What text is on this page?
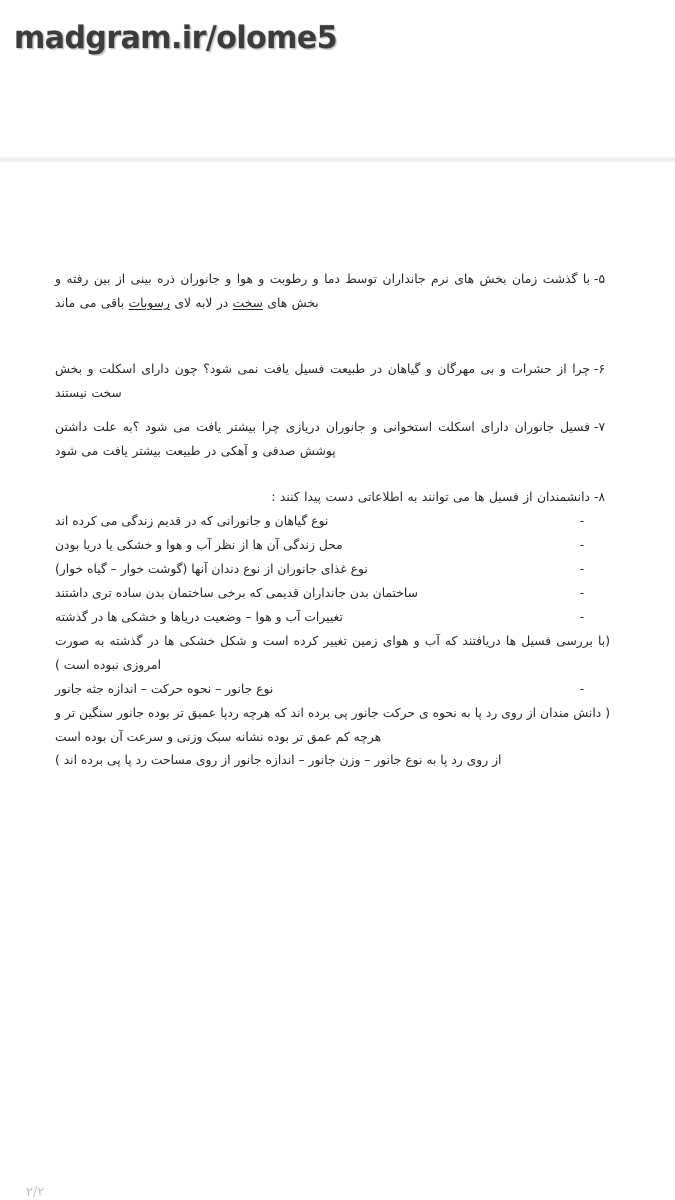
madgram.ir/olome5
۵-
با گذشت زمان بخش های نرم جانداران توسط دما و رطوبت و هوا و جانوران ذره بینی از بین رفته و بخش های سخت در لابه لای رسوبات باقی می ماند
۶-
چرا از حشرات و بی مهرگان و گیاهان در طبیعت فسیل یافت نمی شود؟ چون دارای اسکلت و بخش سخت نیستند
۷-
فسیل جانوران دارای اسکلت استخوانی و جانوران دریازی چرا بیشتر یافت می شود ؟به علت داشتن پوشش صدفی و آهکی در طبیعت بیشتر یافت می شود
۸-
دانشمندان از فسیل ها می توانند به اطلاعاتی دست پیدا کنند :
-
نوع گیاهان و جانورانی که در قدیم زندگی می کرده اند
-
محل زندگی آن ها از نظر آب و هوا و خشکی یا دریا بودن
-
نوع غذای جانوران از نوع دندان آنها (گوشت خوار – گیاه خوار)
-
ساختمان بدن جانداران قدیمی که برخی ساختمان بدن ساده تری داشتند
-
تغییرات آب و هوا – وضعیت دریاها و خشکی ها در گذشته

(با بررسی فسیل ها دریافتند که آب و هوای زمین تغییر کرده است و شکل خشکی ها در گذشته به صورت امروزی نبوده است )

-
نوع جانور – نحوه حرکت – اندازه جثه جانور

( دانش مندان از روی رد پا به نحوه ی حرکت جانور پی برده اند که هرچه ردپا عمیق تر بوده جانور سنگین تر و هرچه کم عمق تر بوده نشانه سبک وزنی و سرعت آن بوده است

از روی رد پا به نوع جانور – وزن جانور – اندازه جانور از روی مساحت رد پا پی برده اند )

۲/۲
